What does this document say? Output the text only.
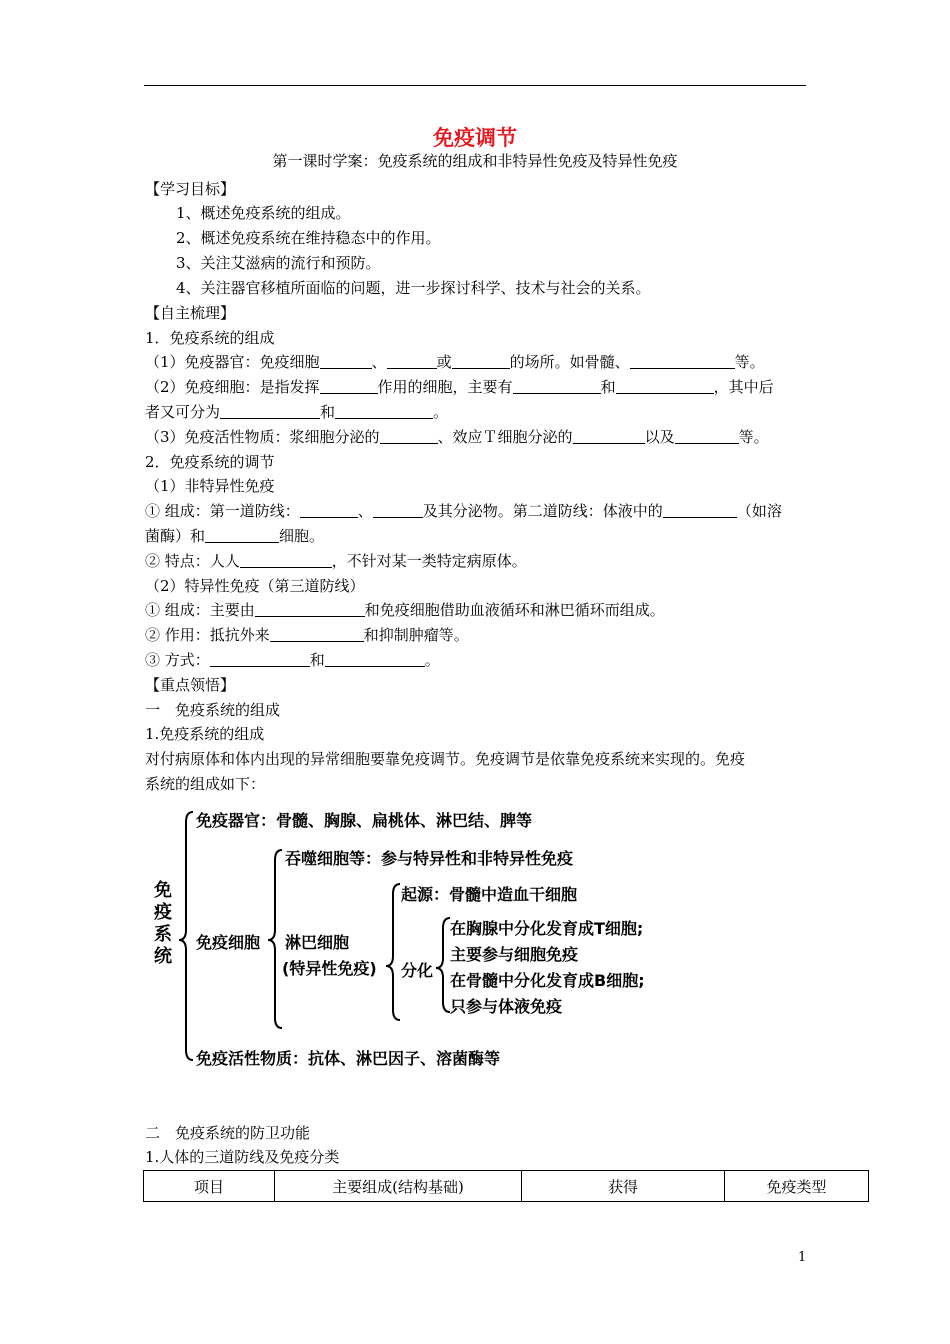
免疫调节
第一课时学案：免疫系统的组成和非特异性免疫及特异性免疫
【学习目标】
1、概述免疫系统的组成。
2、概述免疫系统在维持稳态中的作用。
3、关注艾滋病的流行和预防。
4、关注器官移植所面临的问题，进一步探讨科学、技术与社会的关系。
【自主梳理】
1．免疫系统的组成
（1）免疫器官：免疫细胞	、	或	的场所。如骨髓、	等。
（2）免疫细胞：是指发挥	作用的细胞，主要有	和	，其中后
者又可分为	和	。
（3）免疫活性物质：浆细胞分泌的	、效应Ｔ细胞分泌的	以及	等。
2．免疫系统的调节
（1）非特异性免疫
① 组成：第一道防线：	、	及其分泌物。第二道防线：体液中的	（如溶
菌酶）和	细胞。
② 特点：人人	，不针对某一类特定病原体。
（2）特异性免疫（第三道防线）
① 组成：主要由	和免疫细胞借助血液循环和淋巴循环而组成。
② 作用：抵抗外来	和抑制肿瘤等。
③ 方式：	和	。
【重点领悟】
一　免疫系统的组成
1.免疫系统的组成
对付病原体和体内出现的异常细胞要靠免疫调节。免疫调节是依靠免疫系统来实现的。免疫
系统的组成如下：
免
疫
系
统
免疫器官：骨髓、胸腺、扁桃体、淋巴结、脾等
免疫细胞
吞噬细胞等：参与特异性和非特异性免疫
淋巴细胞
(特异性免疫)
起源：骨髓中造血干细胞
分化
在胸腺中分化发育成T细胞;
主要参与细胞免疫
在骨髓中分化发育成B细胞;
只参与体液免疫
免疫活性物质：抗体、淋巴因子、溶菌酶等
二　免疫系统的防卫功能
1.人体的三道防线及免疫分类
项目	主要组成(结构基础)	获得	免疫类型
1
